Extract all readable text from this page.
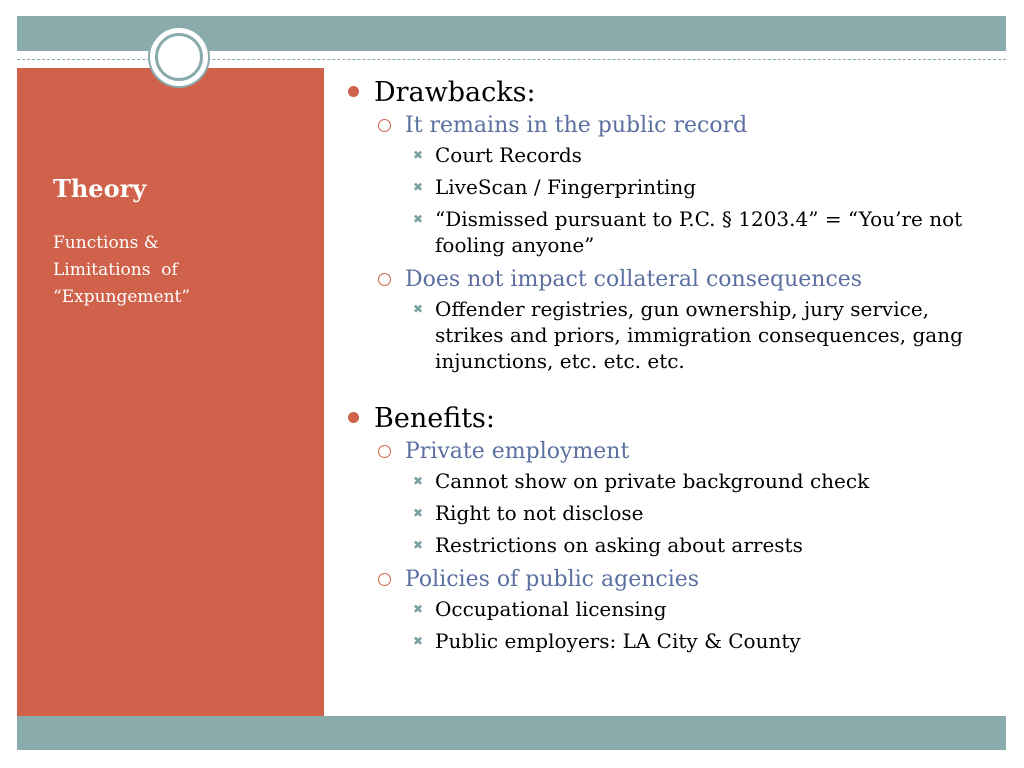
Theory
Functions &
Limitations  of
“Expungement”
Drawbacks:
It remains in the public record
✖ Court Records
✖ LiveScan / Fingerprinting
✖ “Dismissed pursuant to P.C. § 1203.4” = “You’re not fooling anyone”
Does not impact collateral consequences
✖ Offender registries, gun ownership, jury service, strikes and priors, immigration consequences, gang injunctions, etc. etc. etc.
Benefits:
Private employment
✖ Cannot show on private background check
✖ Right to not disclose
✖ Restrictions on asking about arrests
Policies of public agencies
✖ Occupational licensing
✖ Public employers: LA City & County
